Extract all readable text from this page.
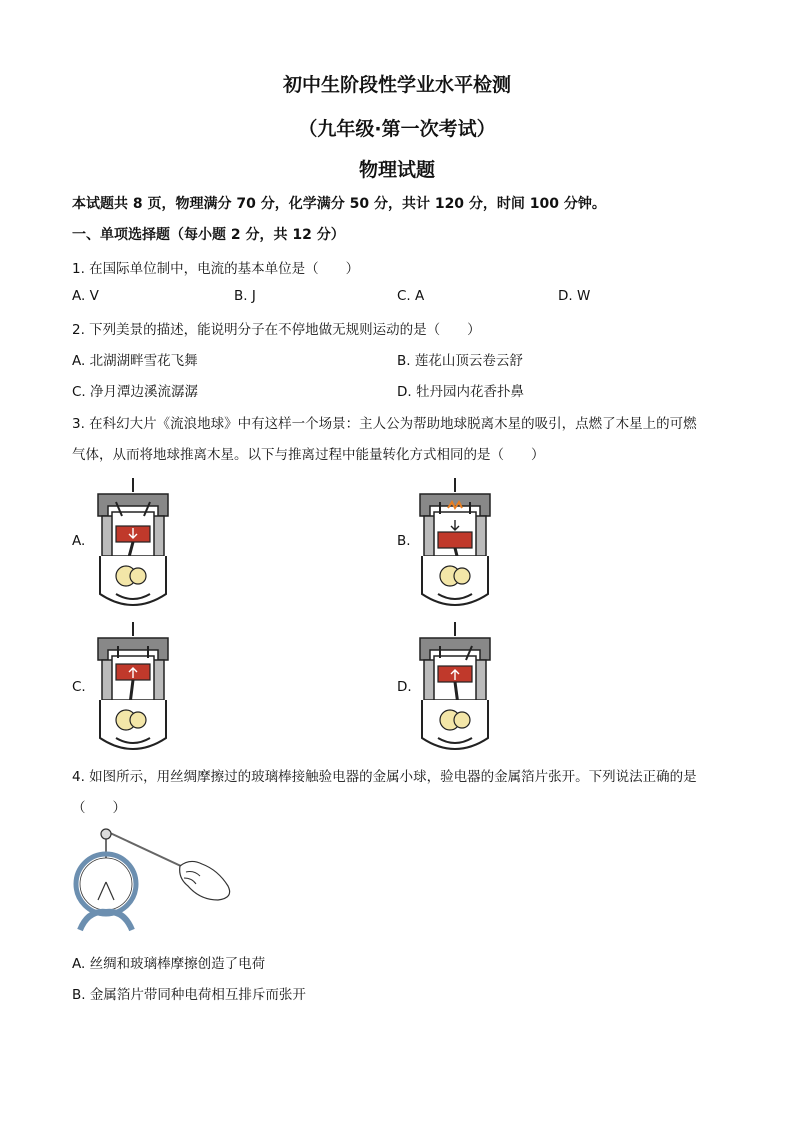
初中生阶段性学业水平检测
（九年级·第一次考试）
物理试题
本试题共 8 页，物理满分 70 分，化学满分 50 分，共计 120 分，时间 100 分钟。
一、单项选择题（每小题 2 分，共 12 分）
1. 在国际单位制中，电流的基本单位是（　　）
A. V	B. J	C. A	D. W
2. 下列美景的描述，能说明分子在不停地做无规则运动的是（　　）
A. 北湖湖畔雪花飞舞	B. 莲花山顶云卷云舒
C. 净月潭边溪流潺潺	D. 牡丹园内花香扑鼻
3. 在科幻大片《流浪地球》中有这样一个场景：主人公为帮助地球脱离木星的吸引，点燃了木星上的可燃
气体，从而将地球推离木星。以下与推离过程中能量转化方式相同的是（　　）
A.	B.
C.	D.
4. 如图所示，用丝绸摩擦过的玻璃棒接触验电器的金属小球，验电器的金属箔片张开。下列说法正确的是
（　　）
A. 丝绸和玻璃棒摩擦创造了电荷
B. 金属箔片带同种电荷相互排斥而张开
